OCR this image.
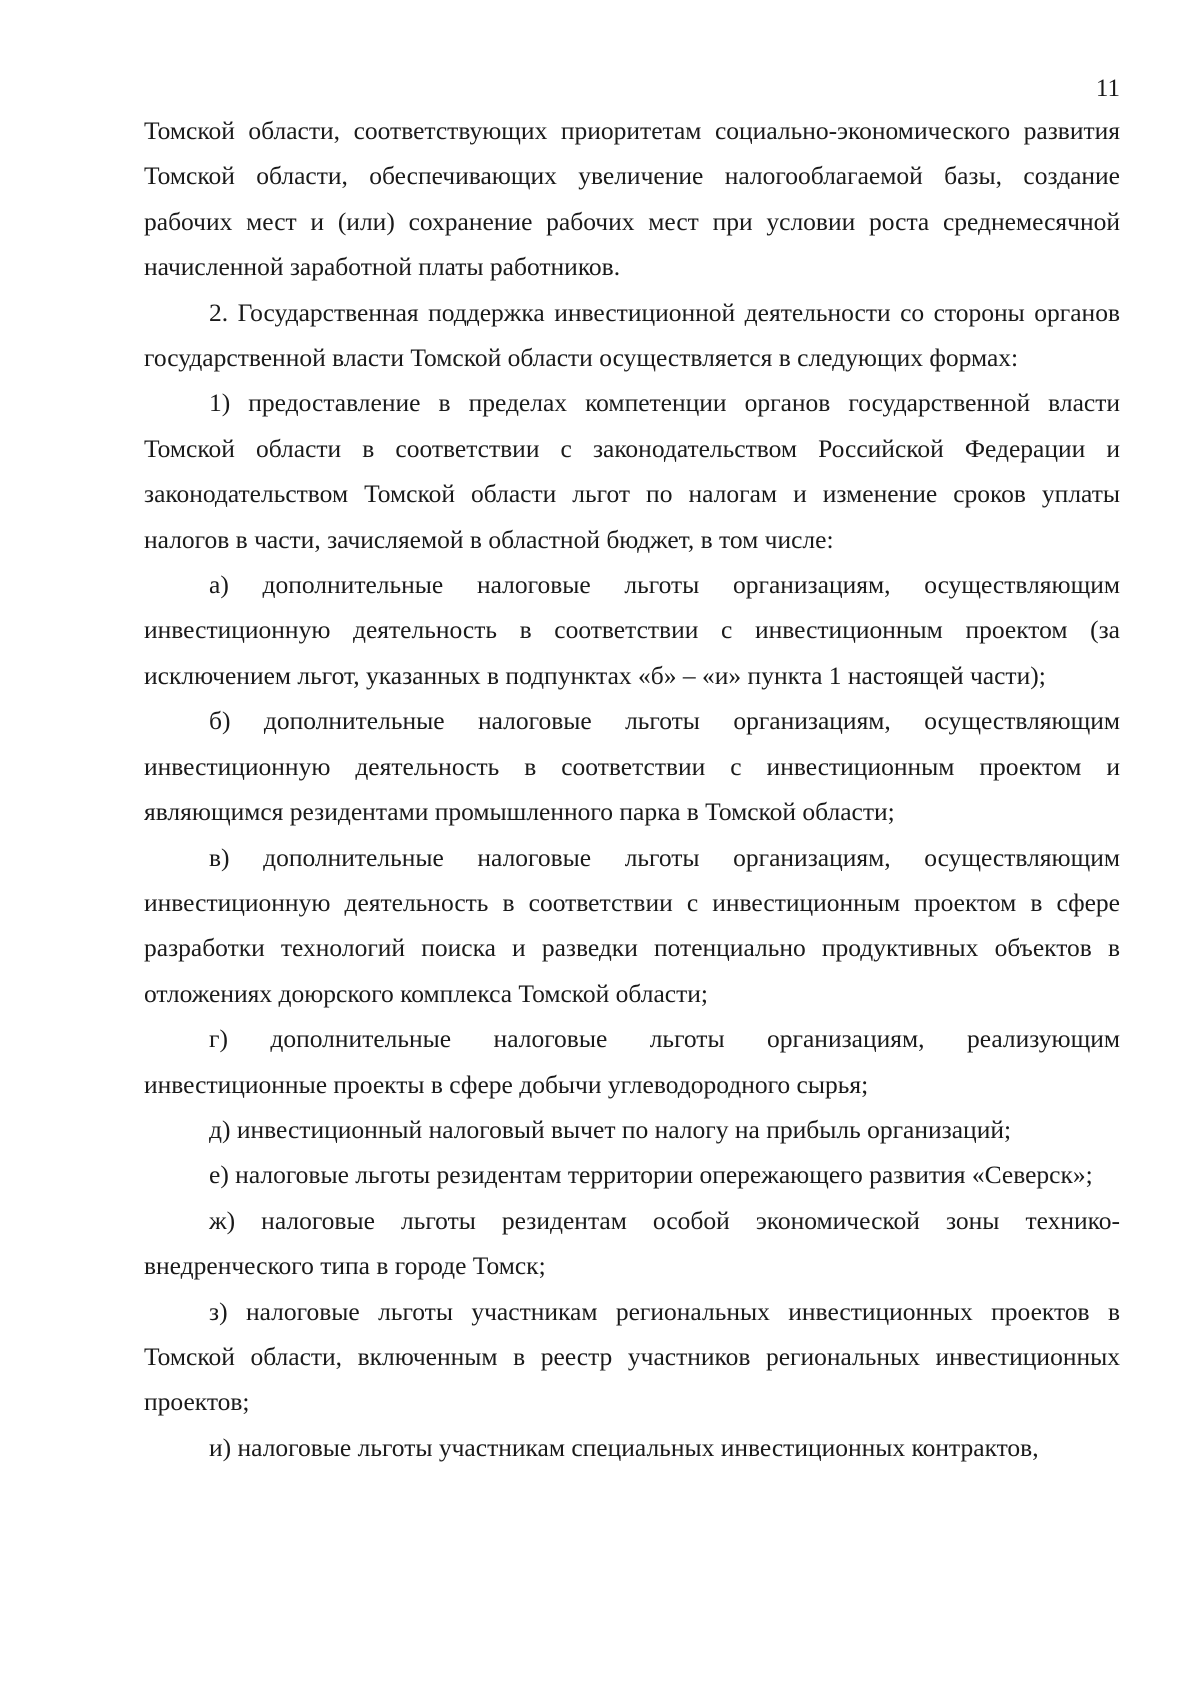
11

Томской области, соответствующих приоритетам социально-экономического развития Томской области, обеспечивающих увеличение налогооблагаемой базы, создание рабочих мест и (или) сохранение рабочих мест при условии роста среднемесячной начисленной заработной платы работников.

2. Государственная поддержка инвестиционной деятельности со стороны органов государственной власти Томской области осуществляется в следующих формах:

1) предоставление в пределах компетенции органов государственной власти Томской области в соответствии с законодательством Российской Федерации и законодательством Томской области льгот по налогам и изменение сроков уплаты налогов в части, зачисляемой в областной бюджет, в том числе:

а) дополнительные налоговые льготы организациям, осуществляющим инвестиционную деятельность в соответствии с инвестиционным проектом (за исключением льгот, указанных в подпунктах «б» – «и» пункта 1 настоящей части);

б) дополнительные налоговые льготы организациям, осуществляющим инвестиционную деятельность в соответствии с инвестиционным проектом и являющимся резидентами промышленного парка в Томской области;

в) дополнительные налоговые льготы организациям, осуществляющим инвестиционную деятельность в соответствии с инвестиционным проектом в сфере разработки технологий поиска и разведки потенциально продуктивных объектов в отложениях доюрского комплекса Томской области;

г) дополнительные налоговые льготы организациям, реализующим инвестиционные проекты в сфере добычи углеводородного сырья;

д) инвестиционный налоговый вычет по налогу на прибыль организаций;

е) налоговые льготы резидентам территории опережающего развития «Северск»;

ж) налоговые льготы резидентам особой экономической зоны технико-внедренческого типа в городе Томск;

з) налоговые льготы участникам региональных инвестиционных проектов в Томской области, включенным в реестр участников региональных инвестиционных проектов;

и) налоговые льготы участникам специальных инвестиционных контрактов,
